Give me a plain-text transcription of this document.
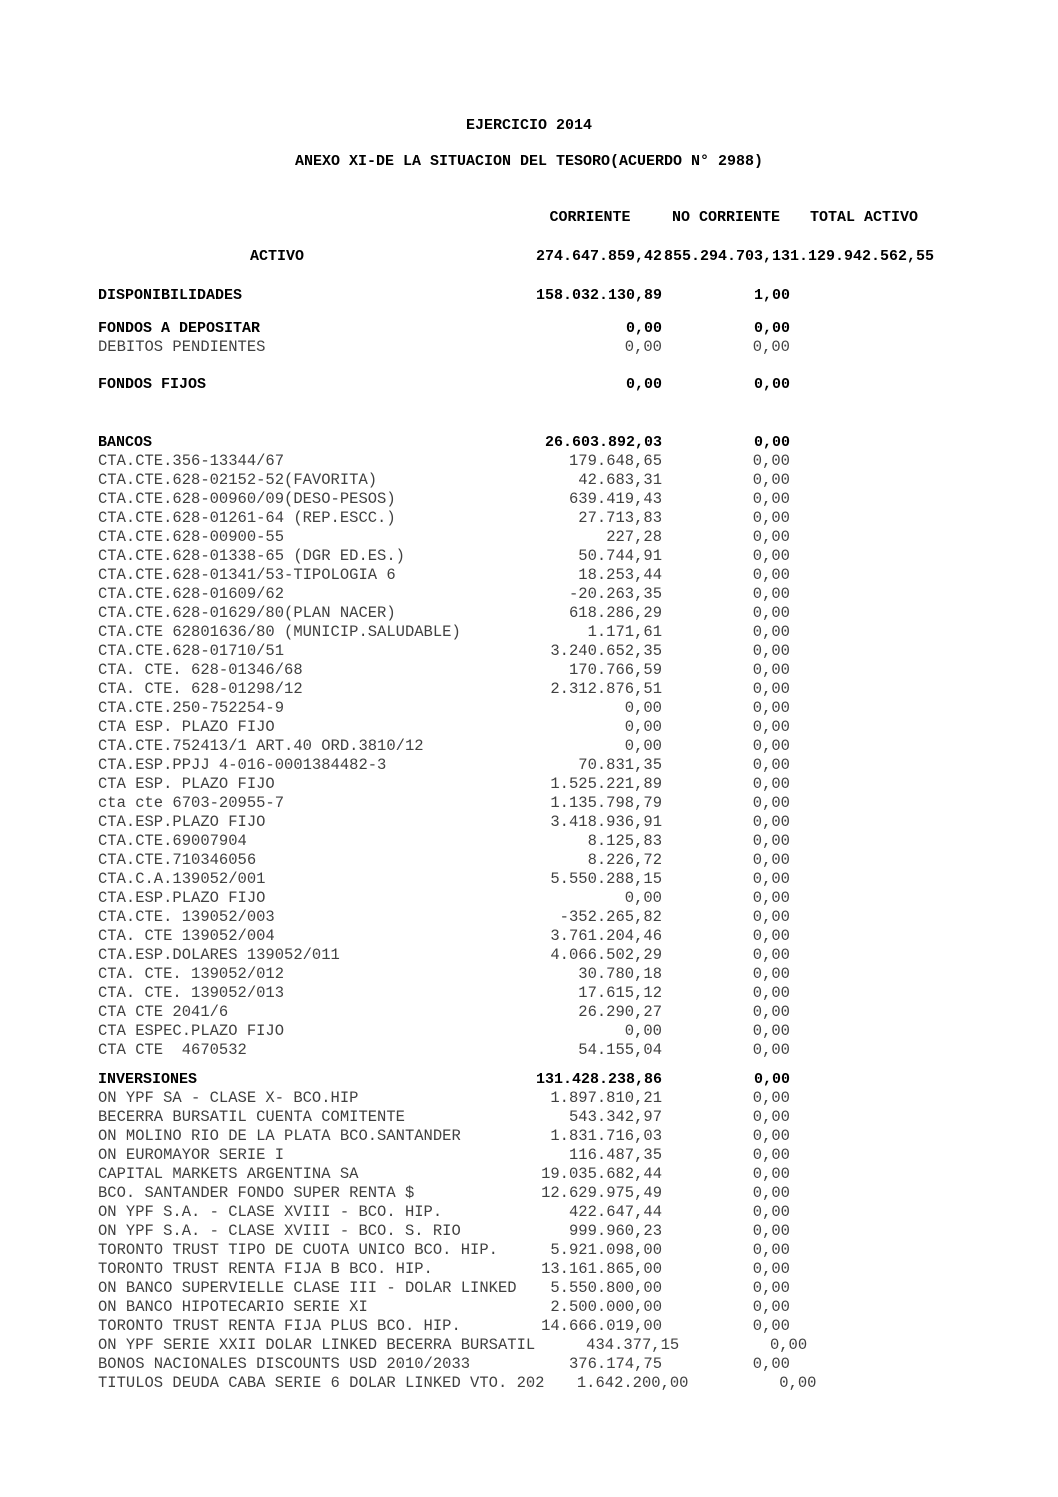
EJERCICIO 2014
ANEXO XI-DE LA SITUACION DEL TESORO(ACUERDO N° 2988)
CORRIENTE	NO CORRIENTE	TOTAL ACTIVO
ACTIVO	274.647.859,42 855.294.703,13 1.129.942.562,55
DISPONIBILIDADES	158.032.130,89	1,00
FONDOS A DEPOSITAR	0,00	0,00
DEBITOS PENDIENTES	0,00	0,00
FONDOS FIJOS	0,00	0,00
BANCOS	26.603.892,03	0,00
CTA.CTE.356-13344/67	179.648,65	0,00
CTA.CTE.628-02152-52(FAVORITA)	42.683,31	0,00
CTA.CTE.628-00960/09(DESO-PESOS)	639.419,43	0,00
CTA.CTE.628-01261-64 (REP.ESCC.)	27.713,83	0,00
CTA.CTE.628-00900-55	227,28	0,00
CTA.CTE.628-01338-65 (DGR ED.ES.)	50.744,91	0,00
CTA.CTE.628-01341/53-TIPOLOGIA 6	18.253,44	0,00
CTA.CTE.628-01609/62	-20.263,35	0,00
CTA.CTE.628-01629/80(PLAN NACER)	618.286,29	0,00
CTA.CTE 62801636/80 (MUNICIP.SALUDABLE)	1.171,61	0,00
CTA.CTE.628-01710/51	3.240.652,35	0,00
CTA. CTE. 628-01346/68	170.766,59	0,00
CTA. CTE. 628-01298/12	2.312.876,51	0,00
CTA.CTE.250-752254-9	0,00	0,00
CTA ESP. PLAZO FIJO	0,00	0,00
CTA.CTE.752413/1 ART.40 ORD.3810/12	0,00	0,00
CTA.ESP.PPJJ 4-016-0001384482-3	70.831,35	0,00
CTA ESP. PLAZO FIJO	1.525.221,89	0,00
cta cte 6703-20955-7	1.135.798,79	0,00
CTA.ESP.PLAZO FIJO	3.418.936,91	0,00
CTA.CTE.69007904	8.125,83	0,00
CTA.CTE.710346056	8.226,72	0,00
CTA.C.A.139052/001	5.550.288,15	0,00
CTA.ESP.PLAZO FIJO	0,00	0,00
CTA.CTE. 139052/003	-352.265,82	0,00
CTA. CTE 139052/004	3.761.204,46	0,00
CTA.ESP.DOLARES 139052/011	4.066.502,29	0,00
CTA. CTE. 139052/012	30.780,18	0,00
CTA. CTE. 139052/013	17.615,12	0,00
CTA CTE 2041/6	26.290,27	0,00
CTA ESPEC.PLAZO FIJO	0,00	0,00
CTA CTE  4670532	54.155,04	0,00
INVERSIONES	131.428.238,86	0,00
ON YPF SA - CLASE X- BCO.HIP	1.897.810,21	0,00
BECERRA BURSATIL CUENTA COMITENTE	543.342,97	0,00
ON MOLINO RIO DE LA PLATA BCO.SANTANDER	1.831.716,03	0,00
ON EUROMAYOR SERIE I	116.487,35	0,00
CAPITAL MARKETS ARGENTINA SA	19.035.682,44	0,00
BCO. SANTANDER FONDO SUPER RENTA $	12.629.975,49	0,00
ON YPF S.A. - CLASE XVIII - BCO. HIP.	422.647,44	0,00
ON YPF S.A. - CLASE XVIII - BCO. S. RIO	999.960,23	0,00
TORONTO TRUST TIPO DE CUOTA UNICO BCO. HIP.	5.921.098,00	0,00
TORONTO TRUST RENTA FIJA B BCO. HIP.	13.161.865,00	0,00
ON BANCO SUPERVIELLE CLASE III - DOLAR LINKED	5.550.800,00	0,00
ON BANCO HIPOTECARIO SERIE XI	2.500.000,00	0,00
TORONTO TRUST RENTA FIJA PLUS BCO. HIP.	14.666.019,00	0,00
ON YPF SERIE XXII DOLAR LINKED BECERRA BURSATIL	434.377,15	0,00
BONOS NACIONALES DISCOUNTS USD 2010/2033	376.174,75	0,00
TITULOS DEUDA CABA SERIE 6 DOLAR LINKED VTO. 202	1.642.200,00	0,00
